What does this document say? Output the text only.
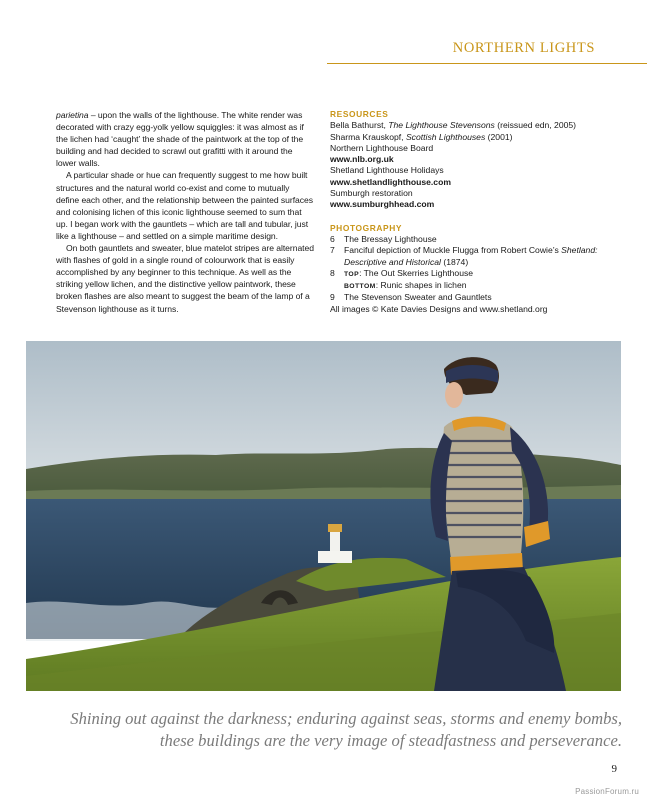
NORTHERN LIGHTS

parietina – upon the walls of the lighthouse. The white render was decorated with crazy egg-yolk yellow squiggles: it was almost as if the lichen had ‘caught’ the shade of the paintwork at the top of the building and had decided to scrawl out grafitti with it around the lower walls.

A particular shade or hue can frequently suggest to me how built structures and the natural world co-exist and come to mutually define each other, and the relationship between the painted surfaces and colonising lichen of this iconic lighthouse seemed to sum that up. I began work with the gauntlets – which are tall and tubular, just like a lighthouse – and settled on a simple maritime design.

On both gauntlets and sweater, blue matelot stripes are alternated with flashes of gold in a single round of colourwork that is easily accomplished by any beginner to this technique. As well as the striking yellow lichen, and the distinctive yellow paintwork, these broken flashes are also meant to suggest the beam of the lamp of a Stevenson lighthouse as it turns.

RESOURCES

Bella Bathurst, The Lighthouse Stevensons (reissued edn, 2005)

Sharma Krauskopf, Scottish Lighthouses (2001)

Northern Lighthouse Board

www.nlb.org.uk

Shetland Lighthouse Holidays

www.shetlandlighthouse.com

Sumburgh restoration

www.sumburghhead.com

PHOTOGRAPHY

6	The Bressay Lighthouse
7	Fanciful depiction of Muckle Flugga from Robert Cowie’s Shetland: Descriptive and Historical (1874)
8	TOP: The Out Skerries Lighthouse
BOTTOM: Runic shapes in lichen
9	The Stevenson Sweater and Gauntlets

All images © Kate Davies Designs and www.shetland.org

Shining out against the darkness; enduring against seas, storms and enemy bombs, these buildings are the very image of steadfastness and perseverance.
9
PassionForum.ru
